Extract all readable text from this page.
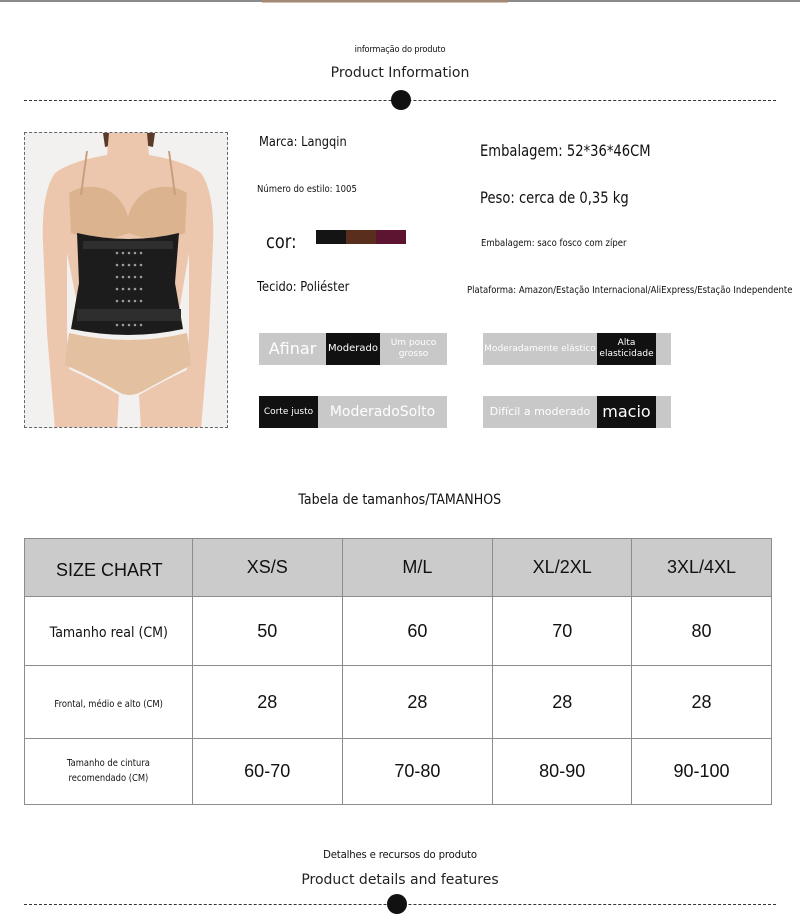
informação do produto
Product Information
Marca: Langqin
Número do estilo: 1005
cor:
Tecido: Poliéster
Embalagem: 52*36*46CM
Peso: cerca de 0,35 kg
Embalagem: saco fosco com zíper
Plataforma: Amazon/Estação Internacional/AliExpress/Estação Independente
Afinar	Moderado	Um pouco grosso
Moderadamente elástico
Alta elasticidade
Corte justo	ModeradoSolto	Difícil a moderado macio
Tabela de tamanhos/TAMANHOS
SIZE CHART	XS/S	M/L	XL/2XL	3XL/4XL
Tamanho real (CM)	50	60	70	80
Frontal, médio e alto (CM)	28	28	28	28
Tamanho de cintura recomendado (CM)	60-70	70-80	80-90	90-100
Detalhes e recursos do produto
Product details and features
